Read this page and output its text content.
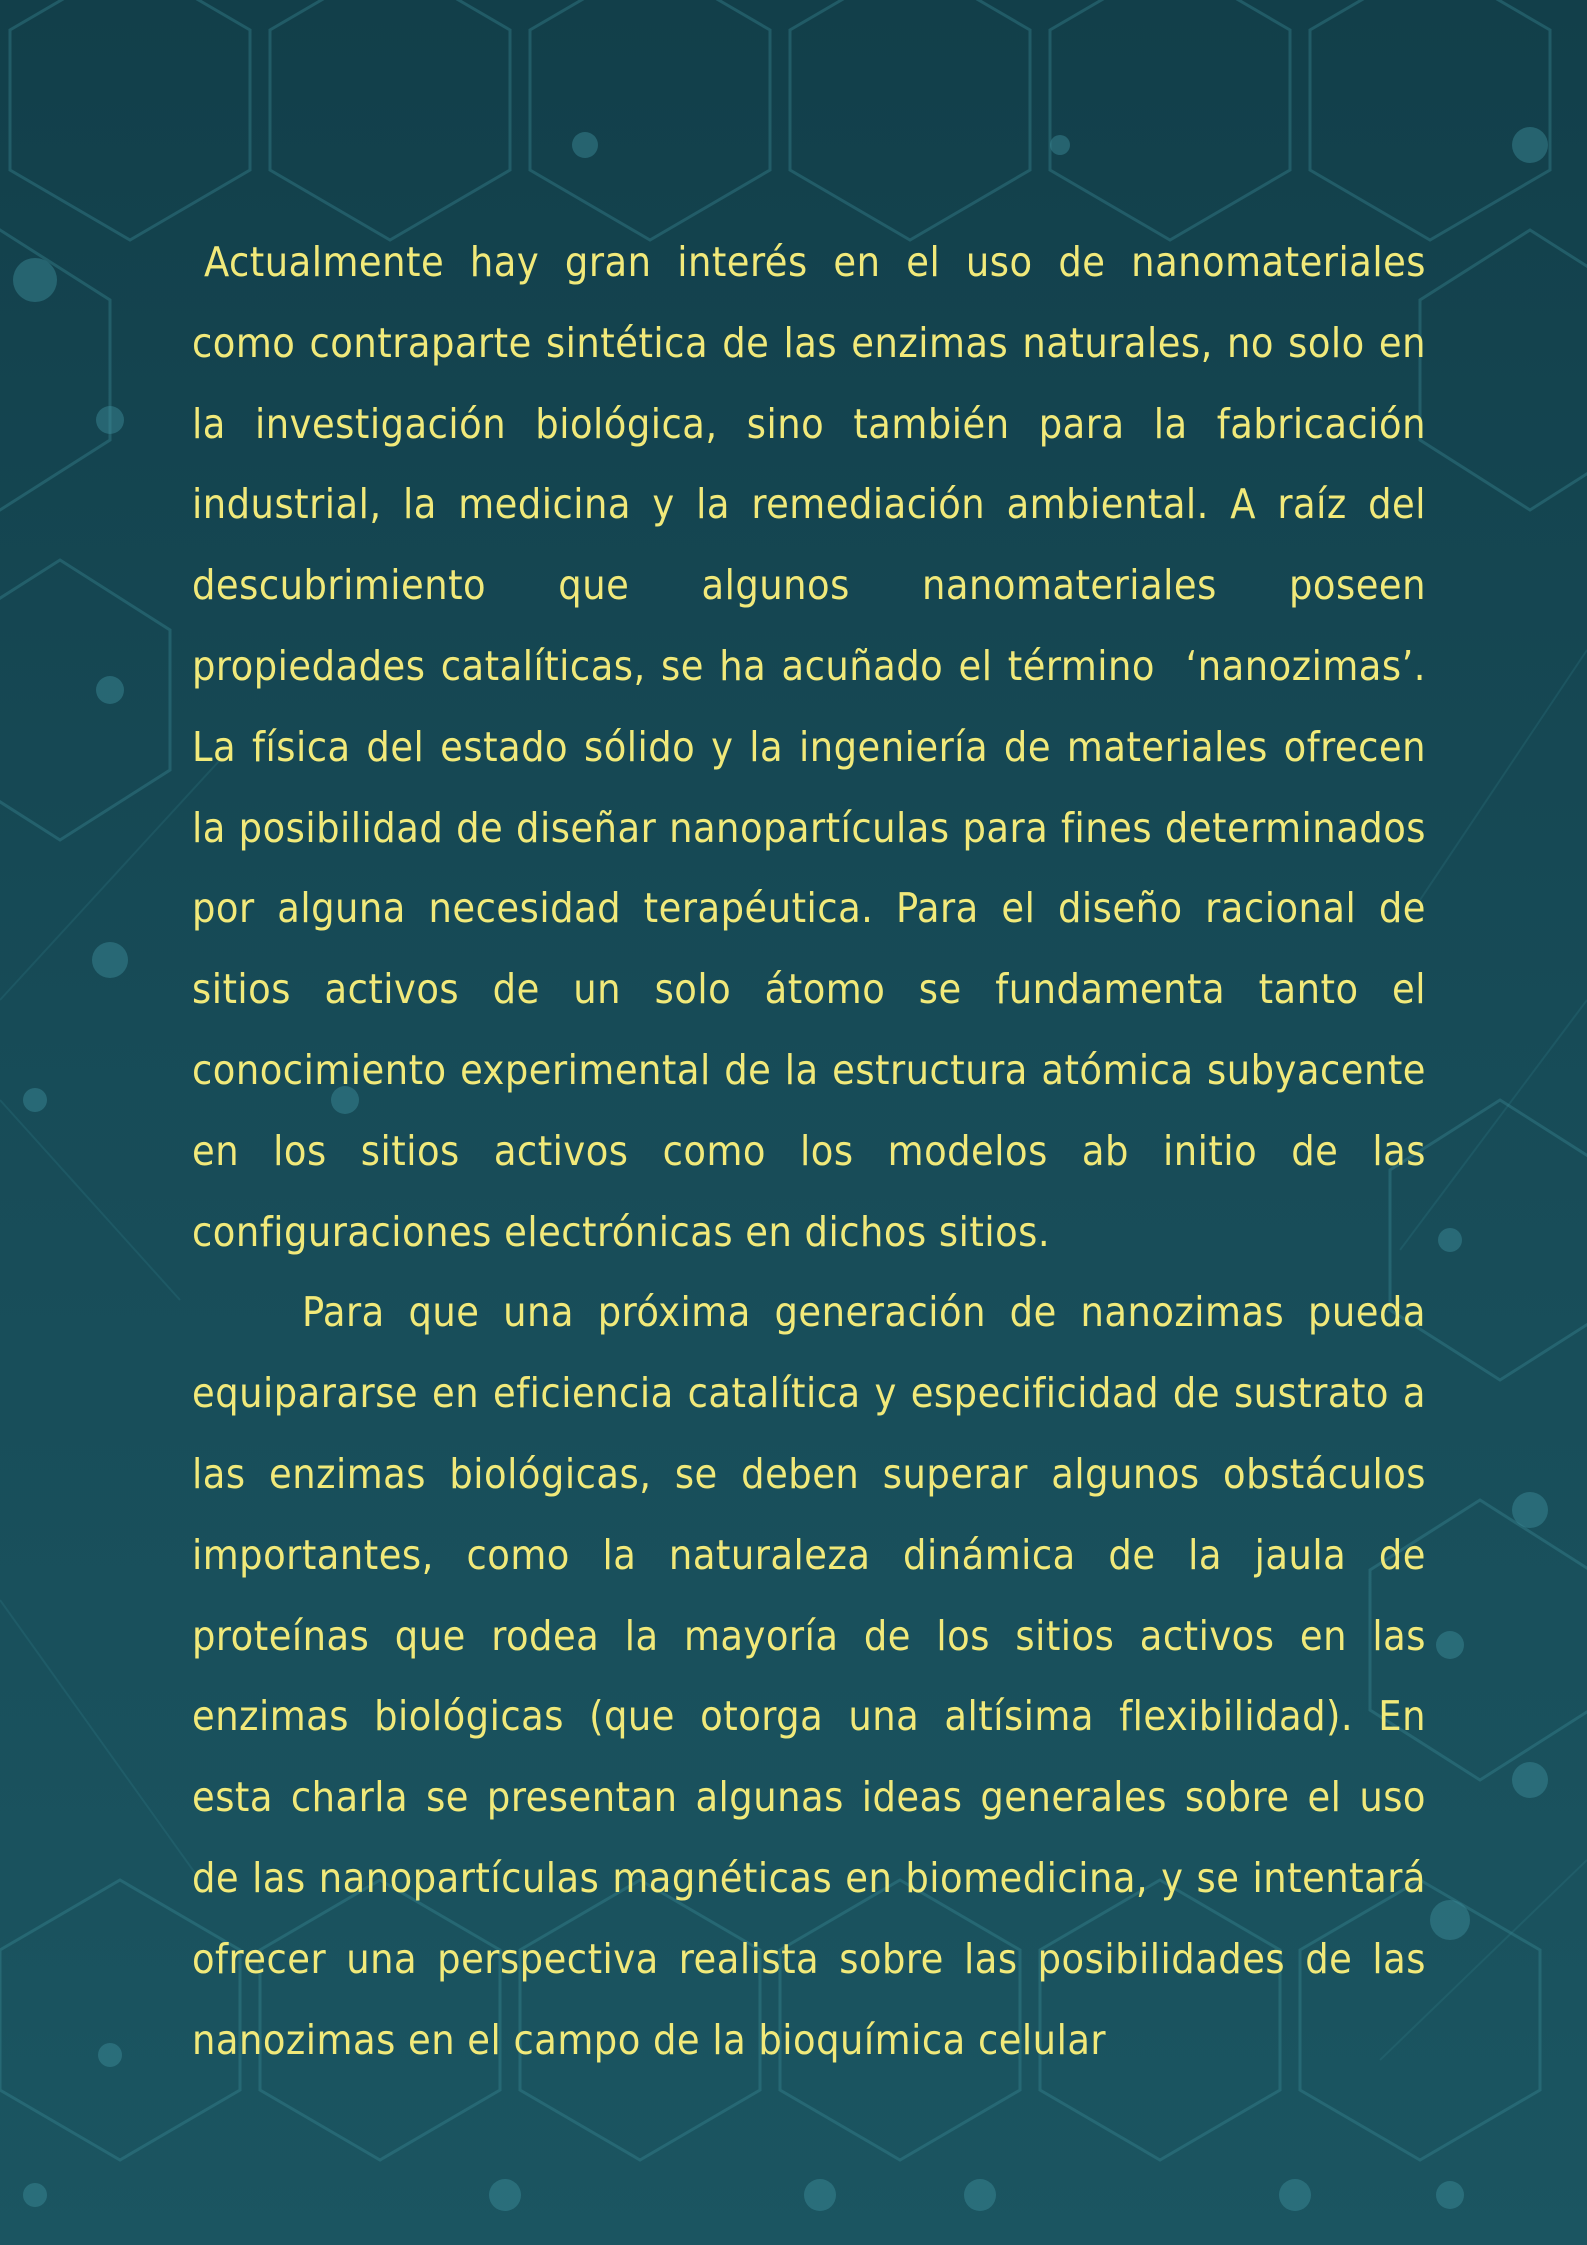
Actualmente hay gran interés en el uso de nanomateriales como contraparte sintética de las enzimas naturales, no solo en la investigación biológica, sino también para la fabricación industrial, la medicina y la remediación ambiental. A raíz del descubrimiento que algunos nanomateriales poseen propiedades catalíticas, se ha acuñado el término  ‘nanozimas’. La física del estado sólido y la ingeniería de materiales ofrecen la posibilidad de diseñar nanopartículas para fines determinados por alguna necesidad terapéutica. Para el diseño racional de sitios activos de un solo átomo se fundamenta tanto el conocimiento experimental de la estructura atómica subyacente en los sitios activos como los modelos ab initio de las configuraciones electrónicas en dichos sitios.

Para que una próxima generación de nanozimas pueda equipararse en eficiencia catalítica y especificidad de sustrato a las enzimas biológicas, se deben superar algunos obstáculos importantes, como la naturaleza dinámica de la jaula de proteínas que rodea la mayoría de los sitios activos en las enzimas biológicas (que otorga una altísima flexibilidad). En esta charla se presentan algunas ideas generales sobre el uso de las nanopartículas magnéticas en biomedicina, y se intentará ofrecer una perspectiva realista sobre las posibilidades de las nanozimas en el campo de la bioquímica celular
